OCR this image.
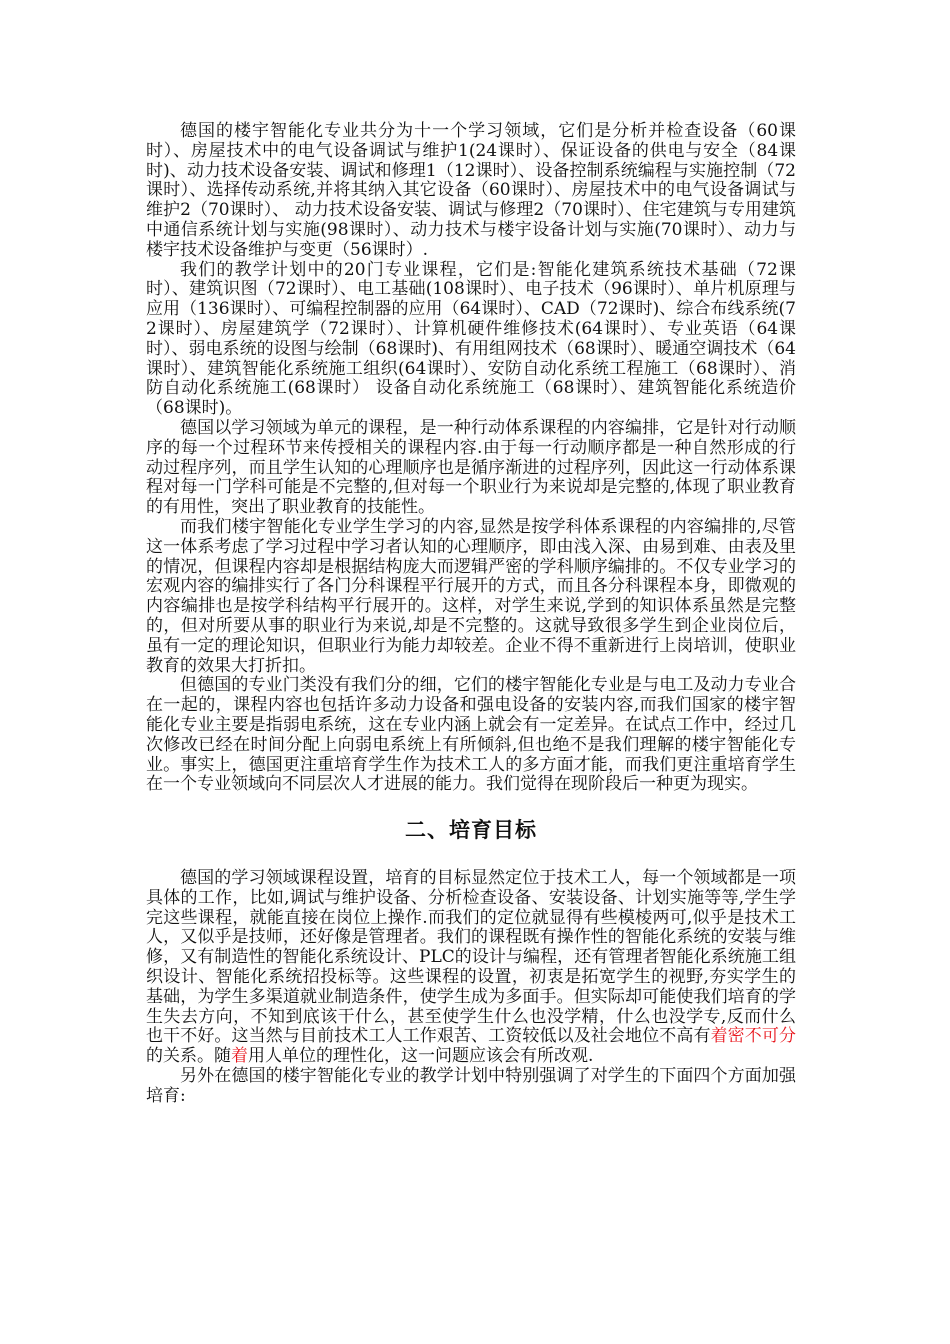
德国的楼宇智能化专业共分为十一个学习领域，它们是分析并检查设备（60课时）、房屋技术中的电气设备调试与维护1(24课时）、保证设备的供电与安全（84课时)、动力技术设备安装、调试和修理1（12课时）、设备控制系统编程与实施控制（72课时）、选择传动系统,并将其纳入其它设备（60课时）、房屋技术中的电气设备调试与维护2（70课时）、 动力技术设备安装、调试与修理2（70课时）、住宅建筑与专用建筑中通信系统计划与实施(98课时）、动力技术与楼宇设备计划与实施(70课时）、动力与楼宇技术设备维护与变更（56课时）.

我们的教学计划中的20门专业课程，它们是:智能化建筑系统技术基础（72课时）、建筑识图（72课时）、电工基础(108课时）、电子技术（96课时）、单片机原理与应用（136课时）、可编程控制器的应用（64课时）、CAD（72课时)、综合布线系统(72课时）、房屋建筑学（72课时）、计算机硬件维修技术(64课时）、专业英语（64课时）、弱电系统的设图与绘制（68课时)、有用组网技术（68课时）、暖通空调技术（64课时）、建筑智能化系统施工组织(64课时）、安防自动化系统工程施工（68课时）、消防自动化系统施工(68课时） 设备自动化系统施工（68课时）、建筑智能化系统造价（68课时)。

德国以学习领域为单元的课程，是一种行动体系课程的内容编排，它是针对行动顺序的每一个过程环节来传授相关的课程内容.由于每一行动顺序都是一种自然形成的行动过程序列，而且学生认知的心理顺序也是循序渐进的过程序列，因此这一行动体系课程对每一门学科可能是不完整的,但对每一个职业行为来说却是完整的,体现了职业教育的有用性，突出了职业教育的技能性。

而我们楼宇智能化专业学生学习的内容,显然是按学科体系课程的内容编排的,尽管这一体系考虑了学习过程中学习者认知的心理顺序，即由浅入深、由易到难、由表及里的情况，但课程内容却是根据结构庞大而逻辑严密的学科顺序编排的。不仅专业学习的宏观内容的编排实行了各门分科课程平行展开的方式，而且各分科课程本身，即微观的内容编排也是按学科结构平行展开的。这样，对学生来说,学到的知识体系虽然是完整的，但对所要从事的职业行为来说,却是不完整的。这就导致很多学生到企业岗位后，虽有一定的理论知识，但职业行为能力却较差。企业不得不重新进行上岗培训，使职业教育的效果大打折扣。

但德国的专业门类没有我们分的细，它们的楼宇智能化专业是与电工及动力专业合在一起的，课程内容也包括许多动力设备和强电设备的安装内容,而我们国家的楼宇智能化专业主要是指弱电系统，这在专业内涵上就会有一定差异。在试点工作中，经过几次修改已经在时间分配上向弱电系统上有所倾斜,但也绝不是我们理解的楼宇智能化专业。事实上，德国更注重培育学生作为技术工人的多方面才能，而我们更注重培育学生在一个专业领域向不同层次人才进展的能力。我们觉得在现阶段后一种更为现实。

二、培育目标

德国的学习领域课程设置，培育的目标显然定位于技术工人，每一个领域都是一项具体的工作，比如,调试与维护设备、分析检查设备、安装设备、计划实施等等,学生学完这些课程，就能直接在岗位上操作.而我们的定位就显得有些模棱两可,似乎是技术工人，又似乎是技师，还好像是管理者。我们的课程既有操作性的智能化系统的安装与维修，又有制造性的智能化系统设计、PLC的设计与编程，还有管理者智能化系统施工组织设计、智能化系统招投标等。这些课程的设置，初衷是拓宽学生的视野,夯实学生的基础，为学生多渠道就业制造条件，使学生成为多面手。但实际却可能使我们培育的学生失去方向，不知到底该干什么，甚至使学生什么也没学精，什么也没学专,反而什么也干不好。这当然与目前技术工人工作艰苦、工资较低以及社会地位不高有着密不可分的关系。随着用人单位的理性化，这一问题应该会有所改观.

另外在德国的楼宇智能化专业的教学计划中特别强调了对学生的下面四个方面加强培育:
